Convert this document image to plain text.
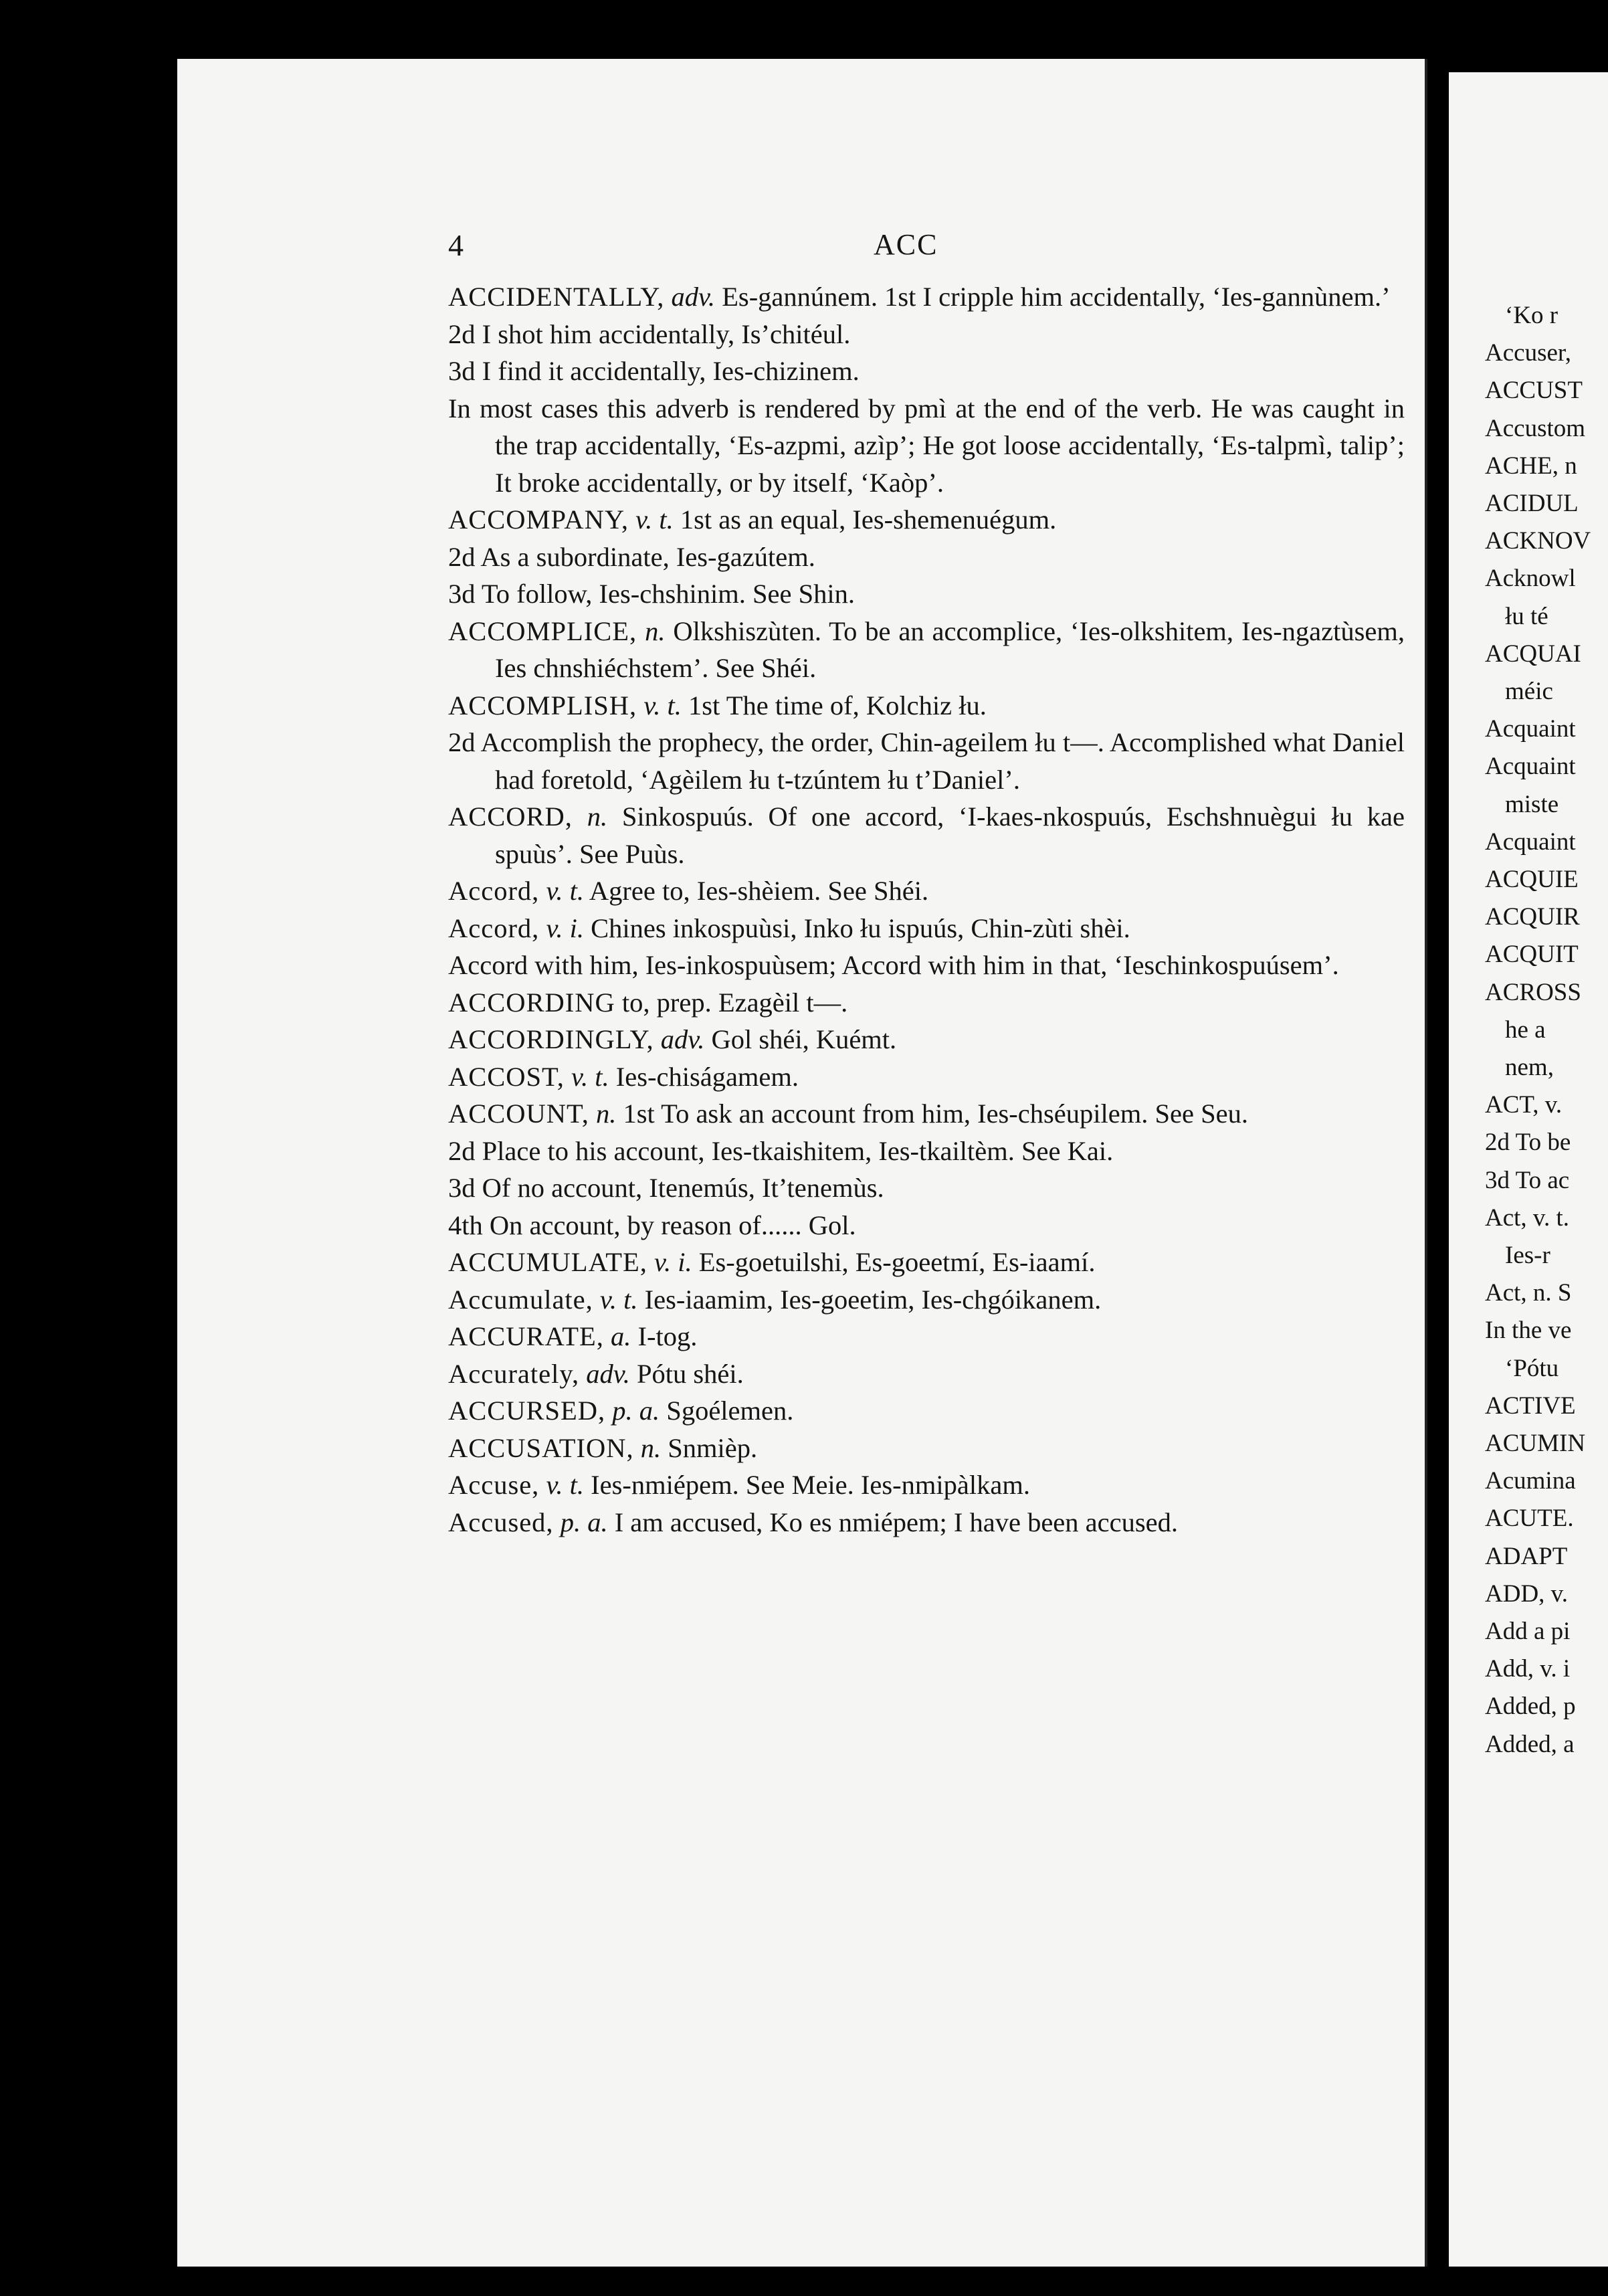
‘Ko r
Accuser,
ACCUST
Accustom
ACHE, n
ACIDUL
ACKNOV
Acknowl
łu té
ACQUAI
méic
Acquaint
Acquaint
miste
Acquaint
ACQUIE
ACQUIR
ACQUIT
ACROSS
he a
nem,
ACT, v.
2d To be
3d To ac
Act, v. t.
Ies-r
Act, n. S
In the ve
‘Pótu
ACTIVE
ACUMIN
Acumina
ACUTE.
ADAPT
ADD, v.
Add a pi
Add, v. i
Added, p
Added, a
4	ACC

ACCIDENTALLY, adv. Es-gannúnem. 1st I cripple him accidentally, ‘Ies-gannùnem.’

2d I shot him accidentally, Is’chitéul.

3d I find it accidentally, Ies-chizinem.

In most cases this adverb is rendered by pmì at the end of the verb. He was caught in the trap accidentally, ‘Es-azpmi, azìp’; He got loose accidentally, ‘Es-talpmì, talip’; It broke accidentally, or by itself, ‘Kaòp’.

ACCOMPANY, v. t. 1st as an equal, Ies-shemenuégum.

2d As a subordinate, Ies-gazútem.

3d To follow, Ies-chshinim. See Shin.

ACCOMPLICE, n. Olkshiszùten. To be an accomplice, ‘Ies-olkshitem, Ies-ngaztùsem, Ies chnshiéchstem’. See Shéi.

ACCOMPLISH, v. t. 1st The time of, Kolchiz łu.

2d Accomplish the prophecy, the order, Chin-ageilem łu t—. Accomplished what Daniel had foretold, ‘Agèilem łu t-tzúntem łu t’Daniel’.

ACCORD, n. Sinkospuús. Of one accord, ‘I-kaes-nkospuús, Eschshnuègui łu kae spuùs’. See Puùs.

Accord, v. t. Agree to, Ies-shèiem. See Shéi.

Accord, v. i. Chines inkospuùsi, Inko łu ispuús, Chin-zùti shèi.

Accord with him, Ies-inkospuùsem; Accord with him in that, ‘Ieschinkospuúsem’.

ACCORDING to, prep. Ezagèil t—.

ACCORDINGLY, adv. Gol shéi, Kuémt.

ACCOST, v. t. Ies-chiságamem.

ACCOUNT, n. 1st To ask an account from him, Ies-chséupilem. See Seu.

2d Place to his account, Ies-tkaishitem, Ies-tkailtèm. See Kai.

3d Of no account, Itenemús, It’tenemùs.

4th On account, by reason of...... Gol.

ACCUMULATE, v. i. Es-goetuilshi, Es-goeetmí, Es-iaamí.

Accumulate, v. t. Ies-iaamim, Ies-goeetim, Ies-chgóikanem.

ACCURATE, a. I-tog.

Accurately, adv. Pótu shéi.

ACCURSED, p. a. Sgoélemen.

ACCUSATION, n. Snmièp.

Accuse, v. t. Ies-nmiépem. See Meie. Ies-nmipàlkam.

Accused, p. a. I am accused, Ko es nmiépem; I have been accused.
